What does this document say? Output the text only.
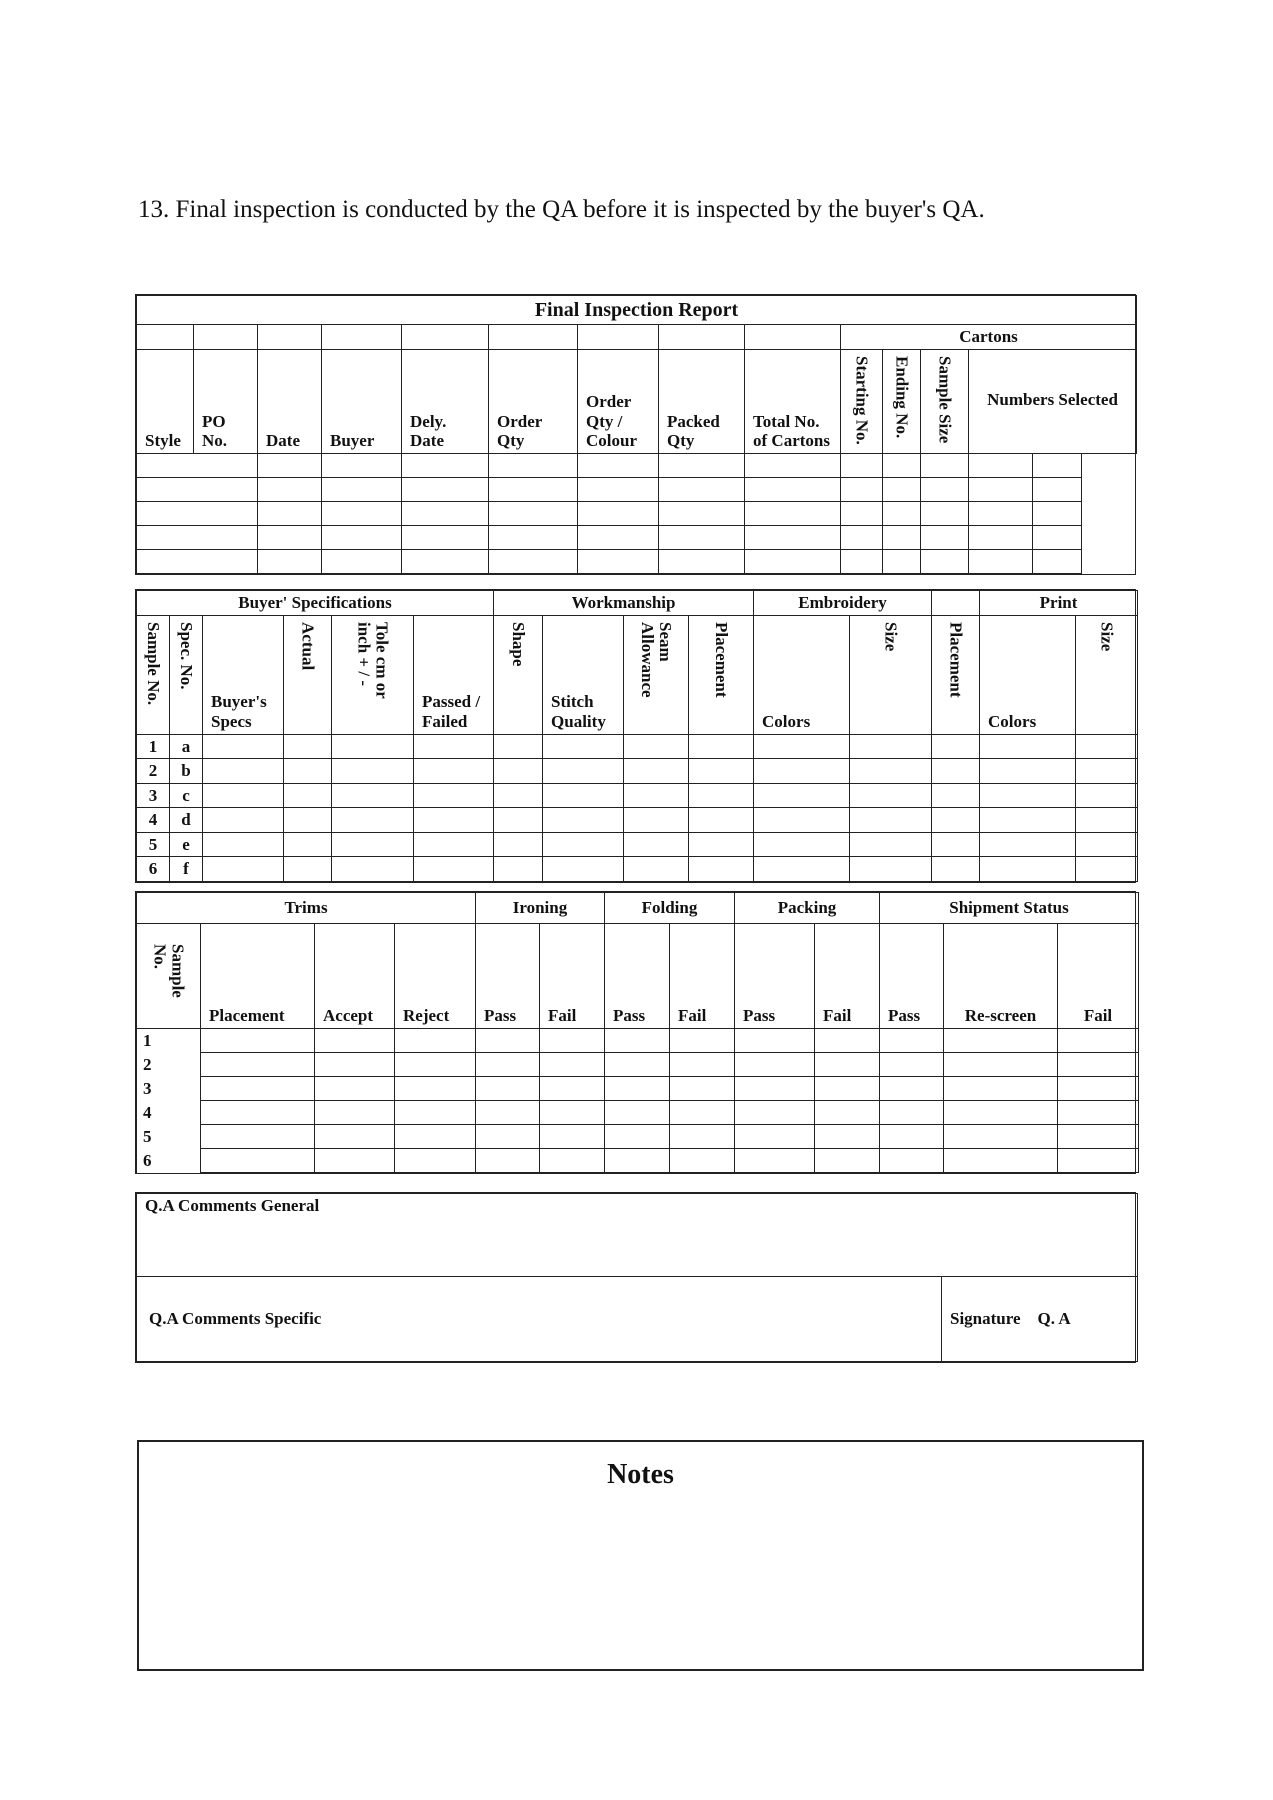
13. Final inspection is conducted by the QA before it is inspected by the buyer's QA.

Final Inspection Report													
									Cartons				
Style	PO No.	Date	Buyer	Dely. Date	Order Qty	Order Qty / Colour	Packed Qty	Total No. of Cartons	Starting No.	Ending No.	Sample Size	Numbers Selected	

Buyer' Specifications						Workmanship				Embroidery			Print	
Sample No.	Spec. No.	Buyer's Specs	Actual	Tole cm or inch + / -	Passed / Failed	Shape	Stitch Quality	Seam Allowance	Placement	Colors	Size	Placement	Colors	Size
1	a													
2	b													
3	c													
4	d													
5	e													
6	f													
Trims				Ironing		Folding		Packing		Shipment Status		
Sample No.	Placement	Accept	Reject	Pass	Fail	Pass	Fail	Pass	Fail	Pass	Re-screen	Fail
1												
2												
3												
4												
5												
6												
Q.A Comments General
Q.A Comments Specific	Signature    Q. A
Notes
